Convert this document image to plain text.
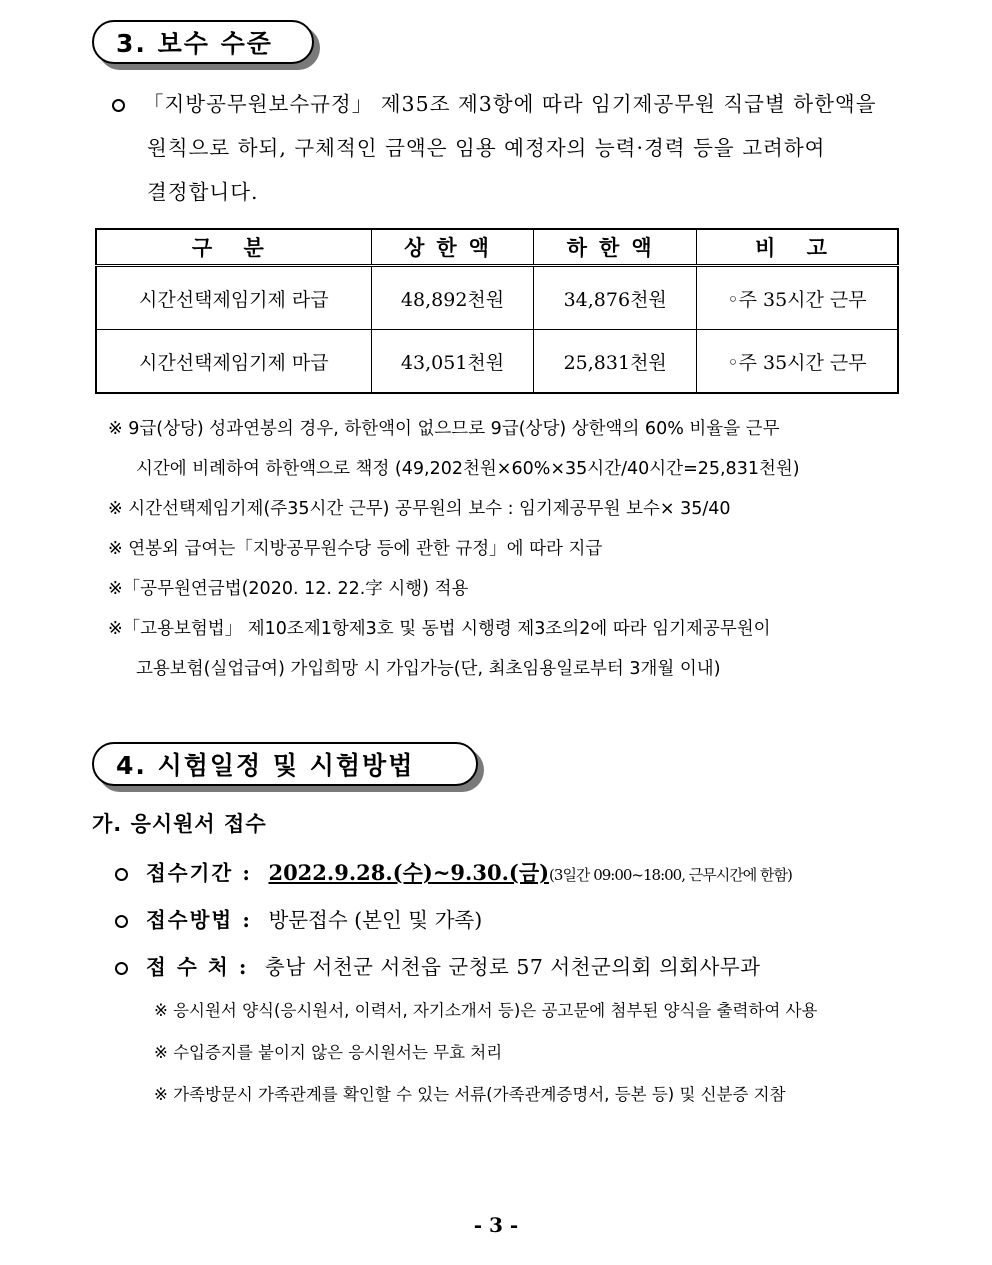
3. 보수 수준
「지방공무원보수규정」 제35조 제3항에 따라 임기제공무원 직급별 하한액을
원칙으로 하되, 구체적인 금액은 임용 예정자의 능력·경력 등을 고려하여
결정합니다.
구 분	상한액	하한액	비 고
시간선택제임기제 라급	48,892천원	34,876천원	◦주 35시간 근무
시간선택제임기제 마급	43,051천원	25,831천원	◦주 35시간 근무
※ 9급(상당) 성과연봉의 경우, 하한액이 없으므로 9급(상당) 상한액의 60% 비율을 근무
시간에 비례하여 하한액으로 책정 (49,202천원×60%×35시간/40시간=25,831천원)
※ 시간선택제임기제(주35시간 근무) 공무원의 보수 : 임기제공무원 보수× 35/40
※ 연봉외 급여는「지방공무원수당 등에 관한 규정」에 따라 지급
※「공무원연금법(2020. 12. 22.字 시행) 적용
※「고용보험법」 제10조제1항제3호 및 동법 시행령 제3조의2에 따라 임기제공무원이
고용보험(실업급여) 가입희망 시 가입가능(단, 최초임용일로부터 3개월 이내)
4. 시험일정 및 시험방법
가. 응시원서 접수
접수기간 : 2022.9.28.(수)~9.30.(금)(3일간 09:00~18:00, 근무시간에 한함)
접수방법 : 방문접수 (본인 및 가족)
접 수 처 : 충남 서천군 서천읍 군청로 57 서천군의회 의회사무과
※ 응시원서 양식(응시원서, 이력서, 자기소개서 등)은 공고문에 첨부된 양식을 출력하여 사용
※ 수입증지를 붙이지 않은 응시원서는 무효 처리
※ 가족방문시 가족관계를 확인할 수 있는 서류(가족관계증명서, 등본 등) 및 신분증 지참
- 3 -
